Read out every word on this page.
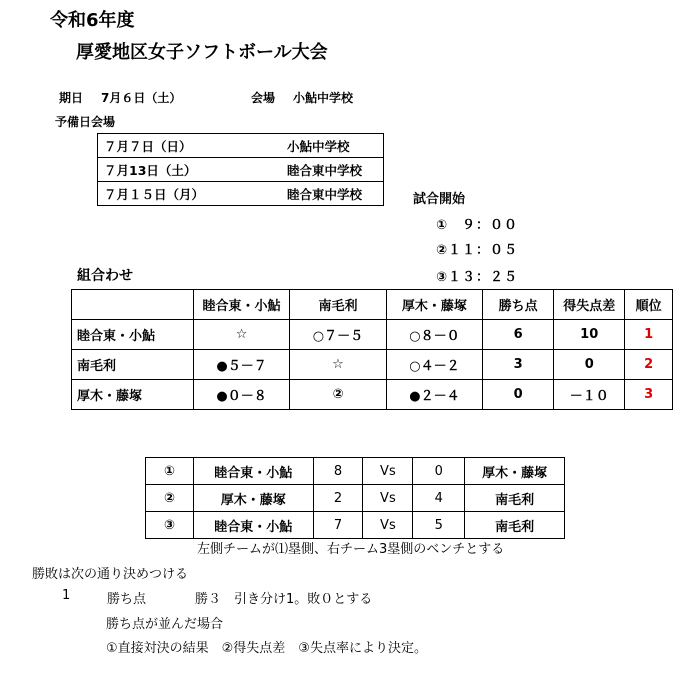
令和6年度
厚愛地区女子ソフトボール大会
期日 7月６日（土）	会場 小鮎中学校
予備日会場
７月７日（日）	小鮎中学校
７月13日（土）	睦合東中学校
７月１５日（月）	睦合東中学校	試合開始
①　９：００
②１１：０５
③１３：２５
組合わせ
	睦合東・小鮎	南毛利	厚木・藤塚	勝ち点	得失点差	順位
睦合東・小鮎	☆	○７－５	○８－０	6	10	1
南毛利	●５－７	☆	○４－２	3	0	2
厚木・藤塚	●０－８	②	●２－４	0	－１０	3
①	睦合東・小鮎	8	Vs	0	厚木・藤塚
②	厚木・藤塚	2	Vs	4	南毛利
③	睦合東・小鮎	7	Vs	5	南毛利
左側チームが⑴塁側、右チーム3塁側のベンチとする
勝敗は次の通り決めつける
1	勝ち点	勝３　引き分け1。敗０とする
勝ち点が並んだ場合
①直接対決の結果　②得失点差　③失点率により決定。
